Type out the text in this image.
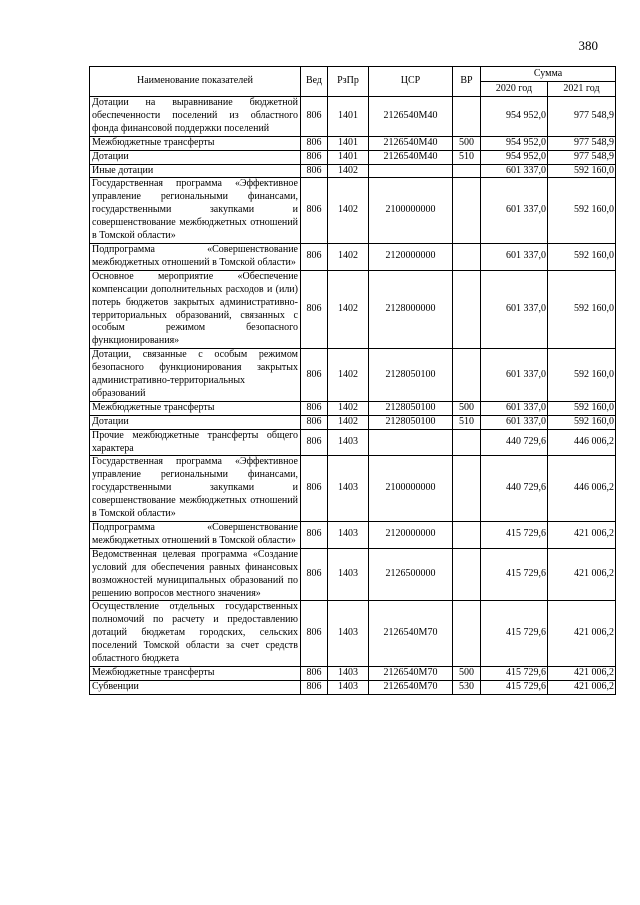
380
Наименование показателей	Вед	РзПр	ЦСР	ВР	Сумма	
					2020 год	2021 год
Дотации на выравнивание бюджетной обеспеченности поселений из областного фонда финансовой поддержки поселений	806	1401	2126540М40		954 952,0	977 548,9
Межбюджетные трансферты	806	1401	2126540М40	500	954 952,0	977 548,9
Дотации	806	1401	2126540М40	510	954 952,0	977 548,9
Иные дотации	806	1402			601 337,0	592 160,0
Государственная программа «Эффективное управление региональными финансами, государственными закупками и совершенствование межбюджетных отношений в Томской области»	806	1402	2100000000		601 337,0	592 160,0
Подпрограмма «Совершенствование межбюджетных отношений в Томской области»	806	1402	2120000000		601 337,0	592 160,0
Основное мероприятие «Обеспечение компенсации дополнительных расходов и (или) потерь бюджетов закрытых административно-территориальных образований, связанных с особым режимом безопасного функционирования»	806	1402	2128000000		601 337,0	592 160,0
Дотации, связанные с особым режимом безопасного функционирования закрытых административно-территориальных образований	806	1402	2128050100		601 337,0	592 160,0
Межбюджетные трансферты	806	1402	2128050100	500	601 337,0	592 160,0
Дотации	806	1402	2128050100	510	601 337,0	592 160,0
Прочие межбюджетные трансферты общего характера	806	1403			440 729,6	446 006,2
Государственная программа «Эффективное управление региональными финансами, государственными закупками и совершенствование межбюджетных отношений в Томской области»	806	1403	2100000000		440 729,6	446 006,2
Подпрограмма «Совершенствование межбюджетных отношений в Томской области»	806	1403	2120000000		415 729,6	421 006,2
Ведомственная целевая программа «Создание условий для обеспечения равных финансовых возможностей муниципальных образований по решению вопросов местного значения»	806	1403	2126500000		415 729,6	421 006,2
Осуществление отдельных государственных полномочий по расчету и предоставлению дотаций бюджетам городских, сельских поселений Томской области за счет средств областного бюджета	806	1403	2126540М70		415 729,6	421 006,2
Межбюджетные трансферты	806	1403	2126540М70	500	415 729,6	421 006,2
Субвенции	806	1403	2126540М70	530	415 729,6	421 006,2
